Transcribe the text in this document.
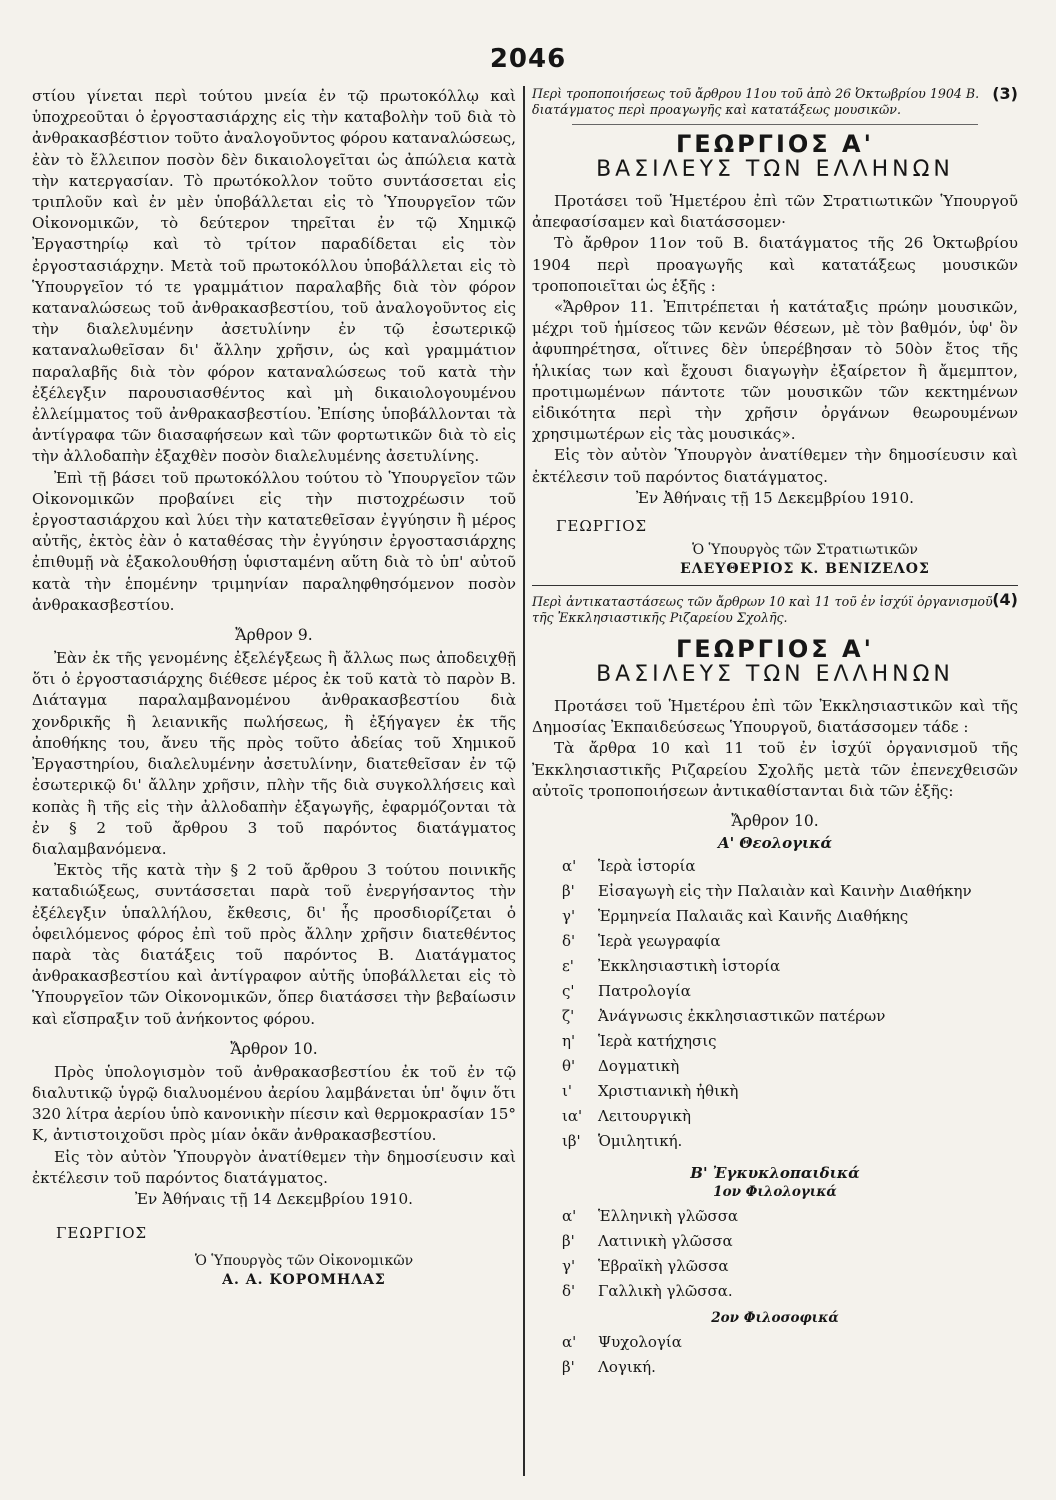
2046

στίου γίνεται περὶ τούτου μνεία ἐν τῷ πρωτοκόλλῳ καὶ ὑποχρεοῦται ὁ ἐργοστασιάρχης εἰς τὴν καταβολὴν τοῦ διὰ τὸ ἀνθρακασβέστιον τοῦτο ἀναλογοῦντος φόρου καταναλώσεως, ἐὰν τὸ ἔλλειπον ποσὸν δὲν δικαιολογεῖται ὡς ἀπώλεια κατὰ τὴν κατεργασίαν. Τὸ πρωτόκολλον τοῦτο συντάσσεται εἰς τριπλοῦν καὶ ἐν μὲν ὑποβάλλεται εἰς τὸ Ὑπουργεῖον τῶν Οἰκονομικῶν, τὸ δεύτερον τηρεῖται ἐν τῷ Χημικῷ Ἐργαστηρίῳ καὶ τὸ τρίτον παραδίδεται εἰς τὸν ἐργοστασιάρχην. Μετὰ τοῦ πρωτοκόλλου ὑποβάλλεται εἰς τὸ Ὑπουργεῖον τό τε γραμμάτιον παραλαβῆς διὰ τὸν φόρον καταναλώσεως τοῦ ἀνθρακασβεστίου, τοῦ ἀναλογοῦντος εἰς τὴν διαλελυμένην ἀσετυλίνην ἐν τῷ ἐσωτερικῷ καταναλωθεῖσαν δι' ἄλλην χρῆσιν, ὡς καὶ γραμμάτιον παραλαβῆς διὰ τὸν φόρον καταναλώσεως τοῦ κατὰ τὴν ἐξέλεγξιν παρουσιασθέντος καὶ μὴ δικαιολογουμένου ἐλλείμματος τοῦ ἀνθρακασβεστίου. Ἐπίσης ὑποβάλλονται τὰ ἀντίγραφα τῶν διασαφήσεων καὶ τῶν φορτωτικῶν διὰ τὸ εἰς τὴν ἀλλοδαπὴν ἐξαχθὲν ποσὸν διαλελυμένης ἀσετυλίνης.

Ἐπὶ τῇ βάσει τοῦ πρωτοκόλλου τούτου τὸ Ὑπουργεῖον τῶν Οἰκονομικῶν προβαίνει εἰς τὴν πιστοχρέωσιν τοῦ ἐργοστασιάρχου καὶ λύει τὴν κατατεθεῖσαν ἐγγύησιν ἢ μέρος αὐτῆς, ἐκτὸς ἐὰν ὁ καταθέσας τὴν ἐγγύησιν ἐργοστασιάρχης ἐπιθυμῇ νὰ ἐξακολουθήσῃ ὑφισταμένη αὕτη διὰ τὸ ὑπ' αὐτοῦ κατὰ τὴν ἑπομένην τριμηνίαν παραληφθησόμενον ποσὸν ἀνθρακασβεστίου.

Ἄρθρον 9.

Ἐὰν ἐκ τῆς γενομένης ἐξελέγξεως ἢ ἄλλως πως ἀποδειχθῇ ὅτι ὁ ἐργοστασιάρχης διέθεσε μέρος ἐκ τοῦ κατὰ τὸ παρὸν Β. Διάταγμα παραλαμβανομένου ἀνθρακασβεστίου διὰ χονδρικῆς ἢ λειανικῆς πωλήσεως, ἢ ἐξήγαγεν ἐκ τῆς ἀποθήκης του, ἄνευ τῆς πρὸς τοῦτο ἀδείας τοῦ Χημικοῦ Ἐργαστηρίου, διαλελυμένην ἀσετυλίνην, διατεθεῖσαν ἐν τῷ ἐσωτερικῷ δι' ἄλλην χρῆσιν, πλὴν τῆς διὰ συγκολλήσεις καὶ κοπὰς ἢ τῆς εἰς τὴν ἀλλοδαπὴν ἐξαγωγῆς, ἐφαρμόζονται τὰ ἐν § 2 τοῦ ἄρθρου 3 τοῦ παρόντος διατάγματος διαλαμβανόμενα.

Ἐκτὸς τῆς κατὰ τὴν § 2 τοῦ ἄρθρου 3 τούτου ποινικῆς καταδιώξεως, συντάσσεται παρὰ τοῦ ἐνεργήσαντος τὴν ἐξέλεγξιν ὑπαλλήλου, ἔκθεσις, δι' ἧς προσδιορίζεται ὁ ὀφειλόμενος φόρος ἐπὶ τοῦ πρὸς ἄλλην χρῆσιν διατεθέντος παρὰ τὰς διατάξεις τοῦ παρόντος Β. Διατάγματος ἀνθρακασβεστίου καὶ ἀντίγραφον αὐτῆς ὑποβάλλεται εἰς τὸ Ὑπουργεῖον τῶν Οἰκονομικῶν, ὅπερ διατάσσει τὴν βεβαίωσιν καὶ εἴσπραξιν τοῦ ἀνήκοντος φόρου.

Ἄρθρον 10.

Πρὸς ὑπολογισμὸν τοῦ ἀνθρακασβεστίου ἐκ τοῦ ἐν τῷ διαλυτικῷ ὑγρῷ διαλυομένου ἀερίου λαμβάνεται ὑπ' ὄψιν ὅτι 320 λίτρα ἀερίου ὑπὸ κανονικὴν πίεσιν καὶ θερμοκρασίαν 15° Κ, ἀντιστοιχοῦσι πρὸς μίαν ὀκᾶν ἀνθρακασβεστίου.

Εἰς τὸν αὐτὸν Ὑπουργὸν ἀνατίθεμεν τὴν δημοσίευσιν καὶ ἐκτέλεσιν τοῦ παρόντος διατάγματος.

Ἐν Ἀθήναις τῇ 14 Δεκεμβρίου 1910.

ΓΕΩΡΓΙΟΣ
Ὁ Ὑπουργὸς τῶν Οἰκονομικῶν
Α. Α. ΚΟΡΟΜΗΛΑΣ
(3)

Περὶ τροποποιήσεως τοῦ ἄρθρου 11ου τοῦ ἀπὸ 26 Ὀκτωβρίου 1904 Β. διατάγματος περὶ προαγωγῆς καὶ κατατάξεως μουσικῶν.

ΓΕΩΡΓΙΟΣ Α'
ΒΑΣΙΛΕΥΣ ΤΩΝ ΕΛΛΗΝΩΝ

Προτάσει τοῦ Ἡμετέρου ἐπὶ τῶν Στρατιωτικῶν Ὑπουργοῦ ἀπεφασίσαμεν καὶ διατάσσομεν·

Τὸ ἄρθρον 11ον τοῦ Β. διατάγματος τῆς 26 Ὀκτωβρίου 1904 περὶ προαγωγῆς καὶ κατατάξεως μουσικῶν τροποποιεῖται ὡς ἑξῆς :

«Ἄρθρον 11. Ἐπιτρέπεται ἡ κατάταξις πρώην μουσικῶν, μέχρι τοῦ ἡμίσεος τῶν κενῶν θέσεων, μὲ τὸν βαθμόν, ὑφ' ὃν ἀφυπηρέτησα, οἵτινες δὲν ὑπερέβησαν τὸ 50ὸν ἔτος τῆς ἡλικίας των καὶ ἔχουσι διαγωγὴν ἐξαίρετον ἢ ἄμεμπτον, προτιμωμένων πάντοτε τῶν μουσικῶν τῶν κεκτημένων εἰδικότητα περὶ τὴν χρῆσιν ὀργάνων θεωρουμένων χρησιμωτέρων εἰς τὰς μουσικάς».

Εἰς τὸν αὐτὸν Ὑπουργὸν ἀνατίθεμεν τὴν δημοσίευσιν καὶ ἐκτέλεσιν τοῦ παρόντος διατάγματος.

Ἐν Ἀθήναις τῇ 15 Δεκεμβρίου 1910.

ΓΕΩΡΓΙΟΣ
Ὁ Ὑπουργὸς τῶν Στρατιωτικῶν
ΕΛΕΥΘΕΡΙΟΣ Κ. ΒΕΝΙΖΕΛΟΣ
(4)

Περὶ ἀντικαταστάσεως τῶν ἄρθρων 10 καὶ 11 τοῦ ἐν ἰσχύϊ ὀργανισμοῦ τῆς Ἐκκλησιαστικῆς Ριζαρείου Σχολῆς.

ΓΕΩΡΓΙΟΣ Α'
ΒΑΣΙΛΕΥΣ ΤΩΝ ΕΛΛΗΝΩΝ

Προτάσει τοῦ Ἡμετέρου ἐπὶ τῶν Ἐκκλησιαστικῶν καὶ τῆς Δημοσίας Ἐκπαιδεύσεως Ὑπουργοῦ, διατάσσομεν τάδε :

Τὰ ἄρθρα 10 καὶ 11 τοῦ ἐν ἰσχύϊ ὀργανισμοῦ τῆς Ἐκκλησιαστικῆς Ριζαρείου Σχολῆς μετὰ τῶν ἐπενεχθεισῶν αὐτοῖς τροποποιήσεων ἀντικαθίστανται διὰ τῶν ἑξῆς:

Ἄρθρον 10.
Α' Θεολογικά
α'	Ἱερὰ ἱστορία
β'	Εἰσαγωγὴ εἰς τὴν Παλαιὰν καὶ Καινὴν Διαθήκην
γ'	Ἑρμηνεία Παλαιᾶς καὶ Καινῆς Διαθήκης
δ'	Ἱερὰ γεωγραφία
ε'	Ἐκκλησιαστικὴ ἱστορία
ς'	Πατρολογία
ζ'	Ἀνάγνωσις ἐκκλησιαστικῶν πατέρων
η'	Ἱερὰ κατήχησις
θ'	Δογματικὴ
ι'	Χριστιανικὴ ἠθικὴ
ια'	Λειτουργικὴ
ιβ'	Ὁμιλητική.
Β' Ἐγκυκλοπαιδικά
1ον Φιλολογικά
α'	Ἑλληνικὴ γλῶσσα
β'	Λατινικὴ γλῶσσα
γ'	Ἑβραϊκὴ γλῶσσα
δ'	Γαλλικὴ γλῶσσα.
2ον Φιλοσοφικά
α'	Ψυχολογία
β'	Λογική.
